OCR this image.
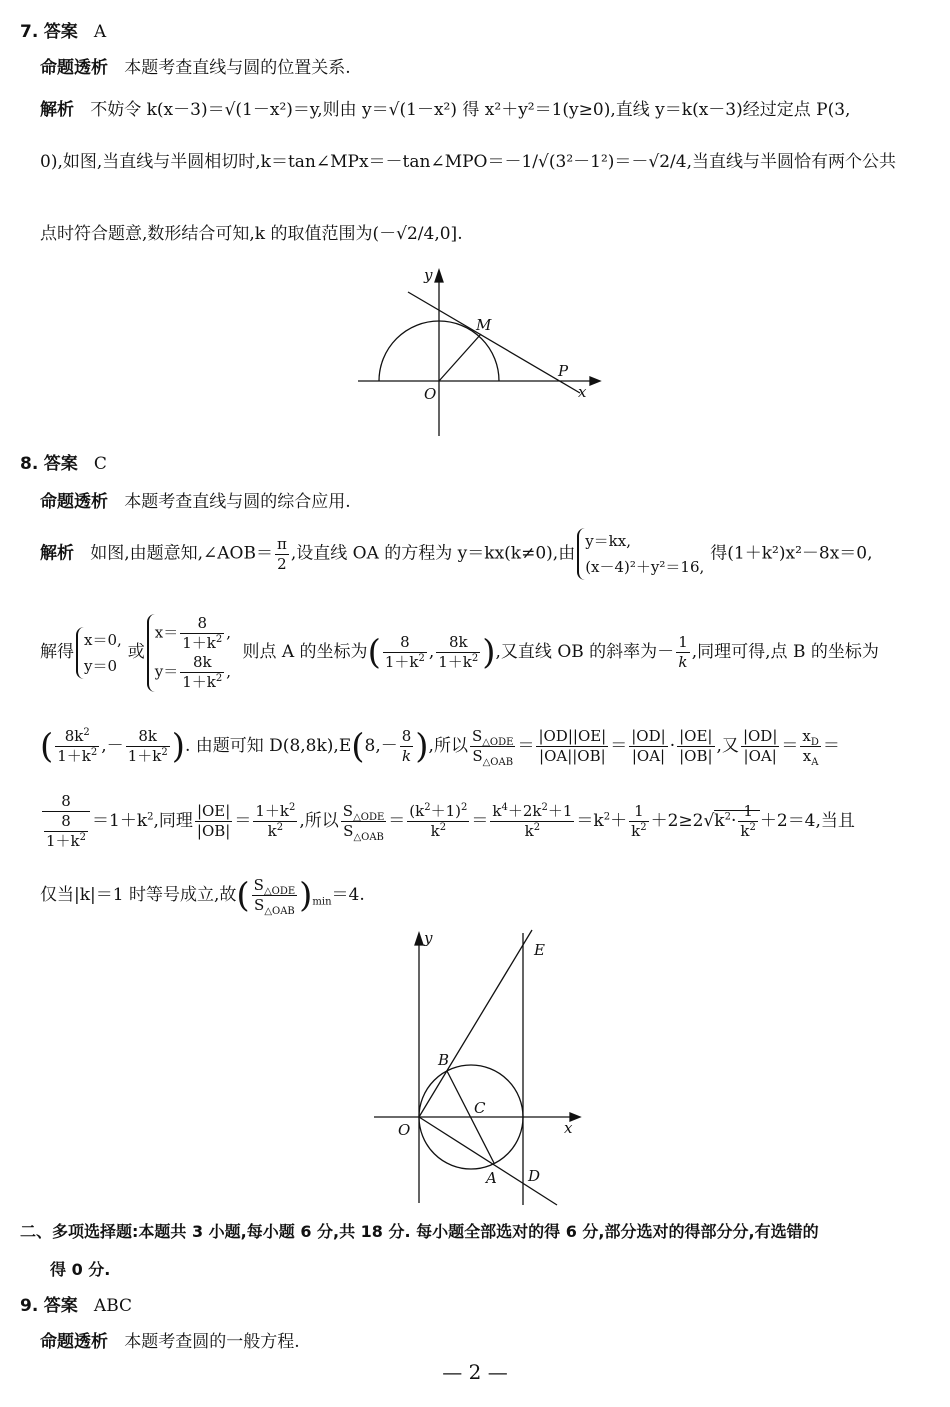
7. 答案 A
命题透析 本题考查直线与圆的位置关系.
解析 不妨令 k(x－3)＝√(1－x²)＝y,则由 y＝√(1－x²) 得 x²＋y²＝1(y≥0),直线 y＝k(x－3)经过定点 P(3,
0),如图,当直线与半圆相切时,k＝tan∠MPx＝－tan∠MPO＝－1/√(3²－1²)＝－√2/4,当直线与半圆恰有两个公共
点时符合题意,数形结合可知,k 的取值范围为(－√2/4,0].
y
x
O
M
P
8. 答案 C
命题透析 本题考查直线与圆的综合应用.
解析 如图,由题意知,∠AOB＝ $\frac{\pi}{2}$ ,设直线 OA 的方程为 y＝kx(k≠0),由
y＝kx,
(x－4)²＋y²＝16,
得(1＋k²)x²－8x＝0,
解得
x＝0,
y＝0
或
$x= \frac{8}{1+k^2}$ ,
$y= \frac{8k}{1+k^2}$ ,
则点 A 的坐标为( $\frac{8}{1+k^2}$ , $\frac{8k}{1+k^2}$ ),又直线 OB 的斜率为－ $\frac{1}{k}$ ,同理可得,点 B 的坐标为
( $\frac{8k^2}{1+k^2}$ ,－ $\frac{8k}{1+k^2}$ ). 由题可知 $D(8,8k),E(8,- \frac{8}{k}$ ),所以 $\frac{S_{\triangle ODE}}{S_{\triangle OAB}} = \frac{|OD||OE|}{|OA||OB|} = \frac{|OD|}{|OA|} \cdot \frac{|OE|}{|OB|}$ ,又 $\frac{|OD|}{|OA|} = \frac{x_D}{x_A}$ ＝
$\frac{8}{\frac{8}{1+k^2}} =1+k^2$,同理 $\frac{|OE|}{|OB|} = \frac{1+k^2}{k^2}$ ,所以 $\frac{S_{\triangle ODE}}{S_{\triangle OAB}} = \frac{(k^2+1)^2}{k^2} = \frac{k^4+2k^2+1}{k^2} =k^2+ \frac{1}{k^2} +2\ge 2√k^2\cdot \frac{1}{k^2} +2=4$,当且
仅当|k|＝1 时等号成立,故( $\frac{S_{\triangle ODE}}{S_{\triangle OAB}} )_{min}=4$.
y
x
O
B
C
A D
E
二、多项选择题:本题共 3 小题,每小题 6 分,共 18 分. 每小题全部选对的得 6 分,部分选对的得部分分,有选错的
得 0 分.
9. 答案 ABC
命题透析 本题考查圆的一般方程.
— 2 —
